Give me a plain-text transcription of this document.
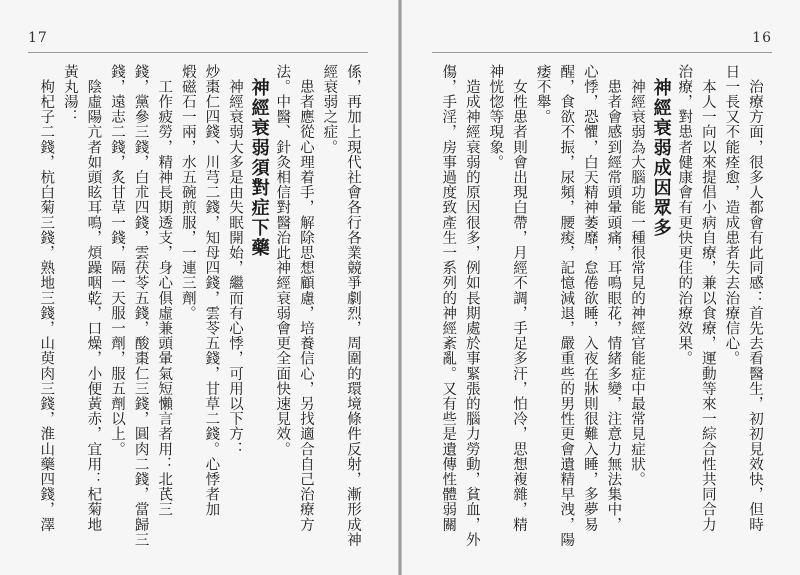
17
係，再加上現代社會各行各業競爭劇烈，周圍的環境條件反射，漸形成神
經衰弱之症。
　患者應從心理着手，解除思想顧慮，培養信心，另找適合自己治療方
法。中醫、針灸相信對醫治此神經衰弱會更全面快速見效。
神經衰弱須對症下藥
　神經衰弱大多是由失眠開始，繼而有心悸，可用以下方：
炒棗仁四錢、川芎二錢，知母四錢，雲苓五錢，甘草二錢。心悸者加
煅磁石一兩，水五碗煎服，一連三劑。
　工作疲勞，精神長期透支，身心俱虛兼頭暈氣短懶言者用：北芪三
錢，黨參三錢，白朮四錢，雲茯苓五錢，酸棗仁三錢，圓肉二錢，當歸三
錢，遠志二錢，炙甘草一錢，隔一天服一劑，服五劑以上。
　陰虛陽亢者如頭眩耳鳴，煩躁咽乾，口燥，小便黃赤，宜用：杞菊地
黃丸湯：
　枸杞子二錢，杭白菊三錢，熟地三錢，山萸肉三錢，淮山藥四錢，澤
16
　治療方面，很多人都會有此同感：首先去看醫生，初初見效快，但時
日一長又不能痊愈，造成患者失去治療信心。
　本人一向以來提倡小病自療，兼以食療，運動等來一綜合性共同合力
治療，對患者健康會有更快更佳的治療效果。
神經衰弱成因眾多
　神經衰弱為大腦功能一種很常見的神經官能症中最常見症狀。
　患者會感到經常頭暈頭痛，耳鳴眼花，情緒多變，注意力無法集中，
心悸，恐懼，白天精神萎靡，怠倦欲睡，入夜在牀則很難入睡，多夢易
醒，食欲不振，尿頻，腰痠，記憶減退，嚴重些的男性更會遺精早洩，陽
痿不舉。
　女性患者則會出現白帶，月經不調，手足多汗，怕冷，思想複雜，精
神恍惚等現象。
　造成神經衰弱的原因很多，例如長期處於事緊張的腦力勞動，貧血，外
傷，手淫，房事過度致產生一系列的神經紊亂。又有些是遺傳性體弱關
